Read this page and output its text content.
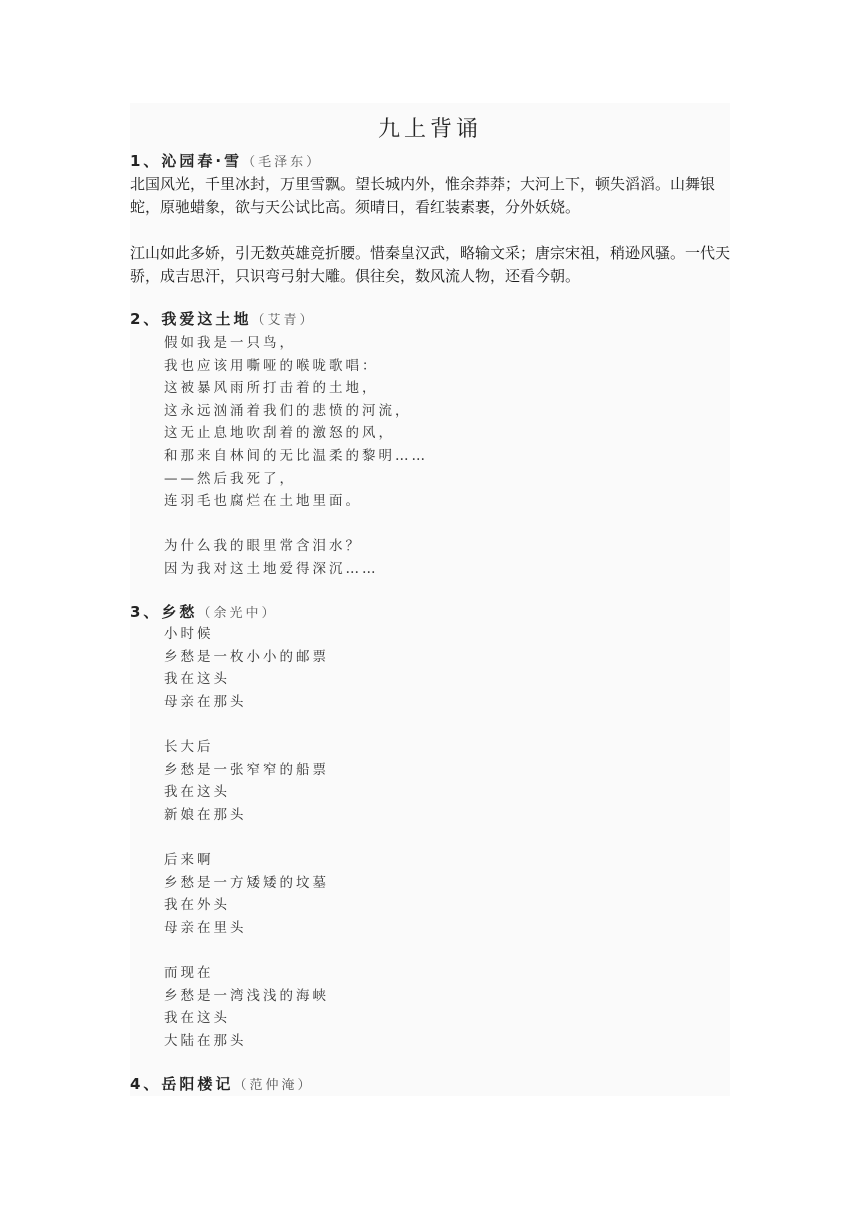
九上背诵
1、沁园春·雪（毛泽东）

北国风光，千里冰封，万里雪飘。望长城内外，惟余莽莽；大河上下，顿失滔滔。山舞银蛇，原驰蜡象，欲与天公试比高。须晴日，看红装素裹，分外妖娆。

江山如此多娇，引无数英雄竞折腰。惜秦皇汉武，略输文采；唐宗宋祖，稍逊风骚。一代天骄，成吉思汗，只识弯弓射大雕。俱往矣，数风流人物，还看今朝。

2、我爱这土地（艾青）
假如我是一只鸟，
我也应该用嘶哑的喉咙歌唱：
这被暴风雨所打击着的土地，
这永远汹涌着我们的悲愤的河流，
这无止息地吹刮着的激怒的风，
和那来自林间的无比温柔的黎明……
——然后我死了，
连羽毛也腐烂在土地里面。
为什么我的眼里常含泪水？
因为我对这土地爱得深沉……
3、乡愁（余光中）
小时候
乡愁是一枚小小的邮票
我在这头
母亲在那头
长大后
乡愁是一张窄窄的船票
我在这头
新娘在那头
后来啊
乡愁是一方矮矮的坟墓
我在外头
母亲在里头
而现在
乡愁是一湾浅浅的海峡
我在这头
大陆在那头
4、岳阳楼记（范仲淹）
